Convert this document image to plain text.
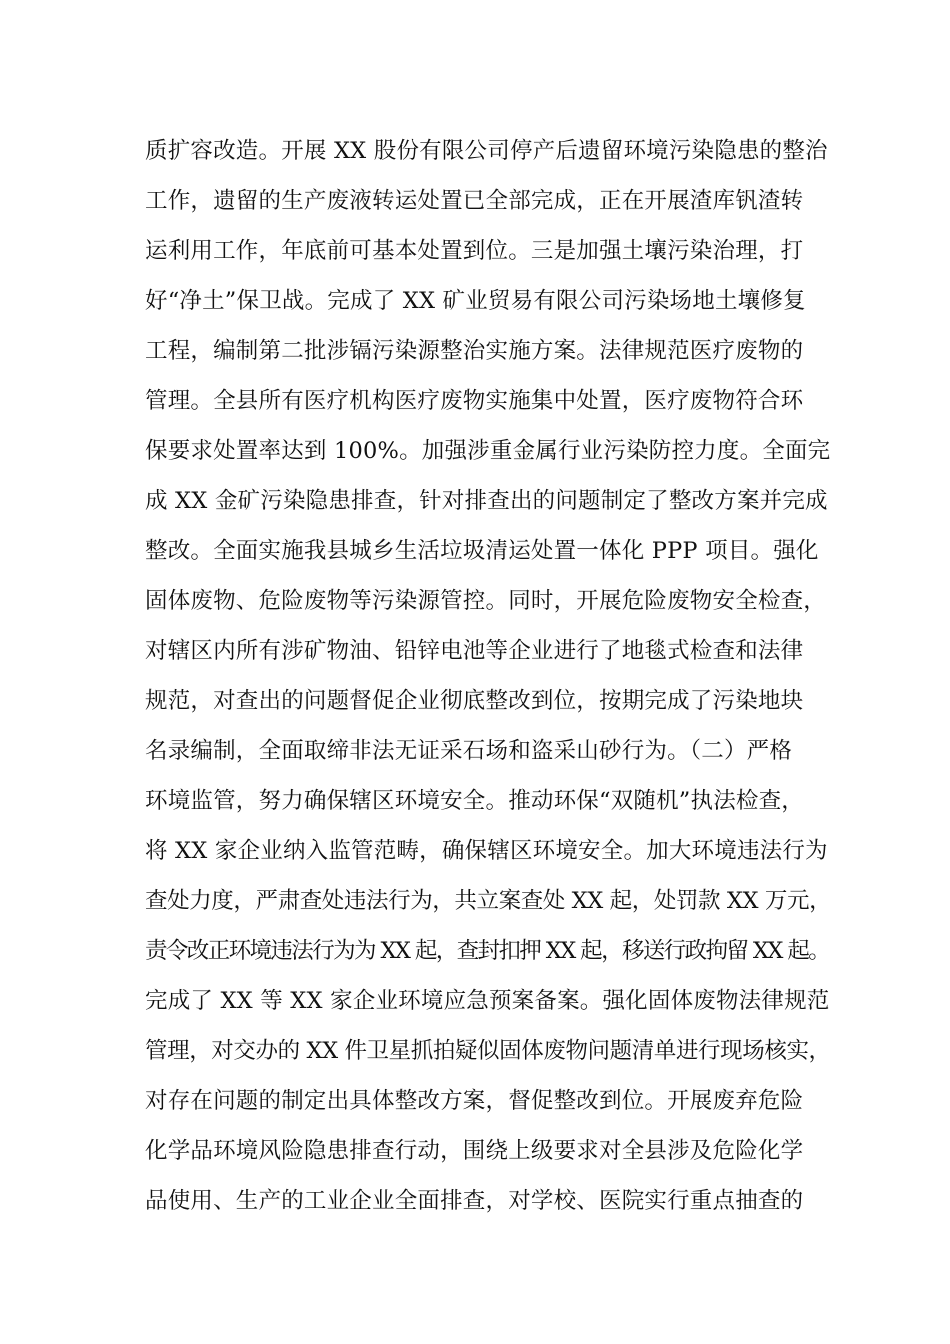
质扩容改造。开展 XX 股份有限公司停产后遗留环境污染隐患的整治
工作，遗留的生产废液转运处置已全部完成，正在开展渣库钒渣转
运利用工作，年底前可基本处置到位。三是加强土壤污染治理，打
好“净土”保卫战。完成了 XX 矿业贸易有限公司污染场地土壤修复
工程，编制第二批涉镉污染源整治实施方案。法律规范医疗废物的
管理。全县所有医疗机构医疗废物实施集中处置，医疗废物符合环
保要求处置率达到 100%。加强涉重金属行业污染防控力度。全面完
成 XX 金矿污染隐患排查，针对排查出的问题制定了整改方案并完成
整改。全面实施我县城乡生活垃圾清运处置一体化 PPP 项目。强化
固体废物、危险废物等污染源管控。同时，开展危险废物安全检查，
对辖区内所有涉矿物油、铅锌电池等企业进行了地毯式检查和法律
规范，对查出的问题督促企业彻底整改到位，按期完成了污染地块
名录编制，全面取缔非法无证采石场和盗采山砂行为。（二）严格
环境监管，努力确保辖区环境安全。推动环保“双随机”执法检查，
将 XX 家企业纳入监管范畴，确保辖区环境安全。加大环境违法行为
查处力度，严肃查处违法行为，共立案查处 XX 起，处罚款 XX 万元，
责令改正环境违法行为为 XX 起，查封扣押 XX 起，移送行政拘留 XX 起。
完成了 XX 等 XX 家企业环境应急预案备案。强化固体废物法律规范
管理，对交办的 XX 件卫星抓拍疑似固体废物问题清单进行现场核实，
对存在问题的制定出具体整改方案，督促整改到位。开展废弃危险
化学品环境风险隐患排查行动，围绕上级要求对全县涉及危险化学
品使用、生产的工业企业全面排查，对学校、医院实行重点抽查的
